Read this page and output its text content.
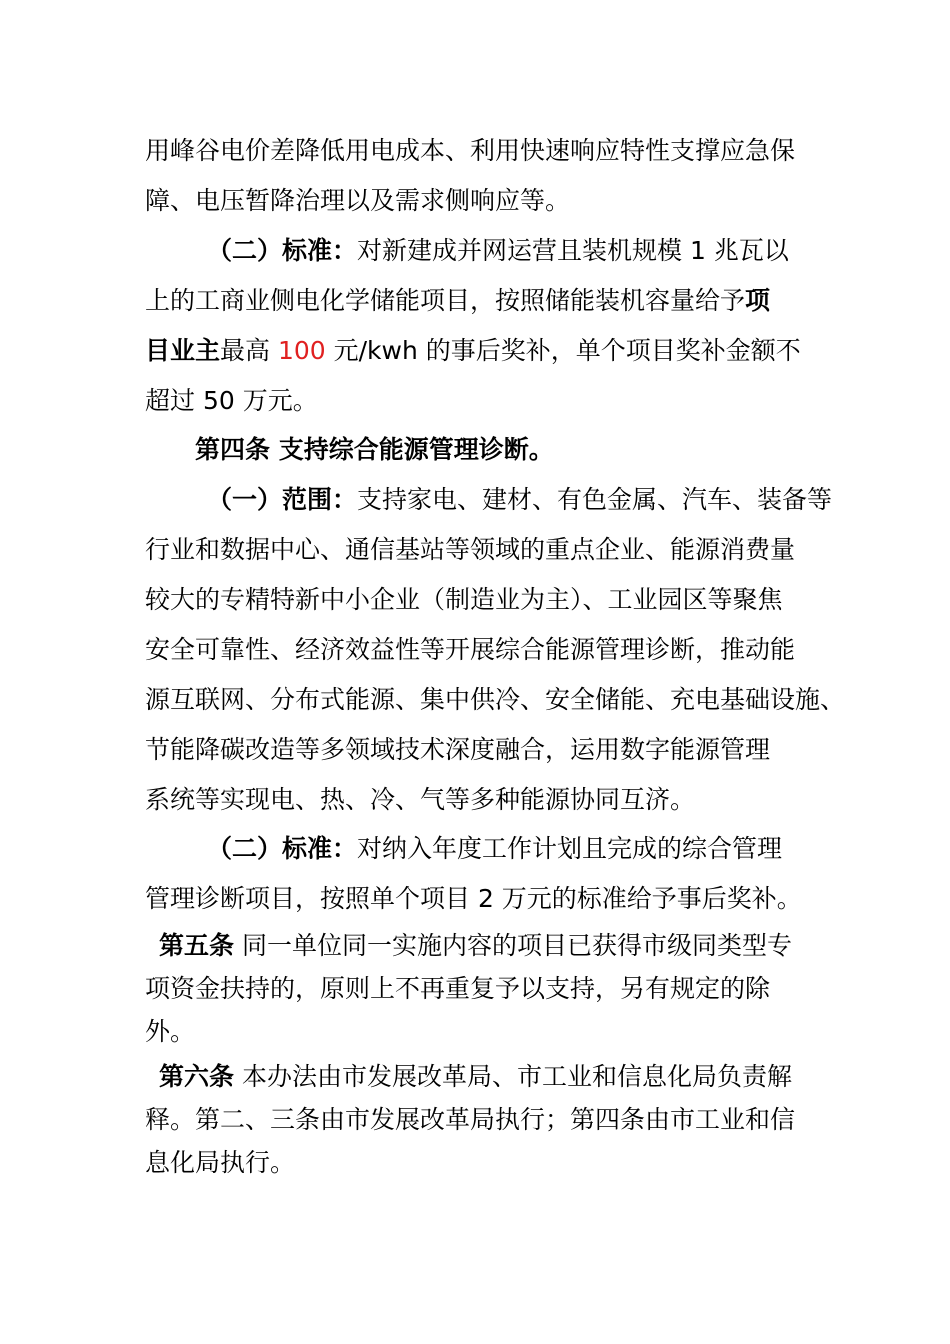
用峰谷电价差降低用电成本、利用快速响应特性支撑应急保
障、电压暂降治理以及需求侧响应等。
（二）标准：对新建成并网运营且装机规模 1 兆瓦以
上的工商业侧电化学储能项目，按照储能装机容量给予项
目业主最高 100 元/kwh 的事后奖补，单个项目奖补金额不
超过 50 万元。
第四条 支持综合能源管理诊断。
（一）范围：支持家电、建材、有色金属、汽车、装备等
行业和数据中心、通信基站等领域的重点企业、能源消费量
较大的专精特新中小企业（制造业为主）、工业园区等聚焦
安全可靠性、经济效益性等开展综合能源管理诊断，推动能
源互联网、分布式能源、集中供冷、安全储能、充电基础设施、
节能降碳改造等多领域技术深度融合，运用数字能源管理
系统等实现电、热、冷、气等多种能源协同互济。
（二）标准：对纳入年度工作计划且完成的综合管理
管理诊断项目，按照单个项目 2 万元的标准给予事后奖补。
第五条 同一单位同一实施内容的项目已获得市级同类型专
项资金扶持的，原则上不再重复予以支持，另有规定的除
外。
第六条 本办法由市发展改革局、市工业和信息化局负责解
释。第二、三条由市发展改革局执行；第四条由市工业和信
息化局执行。
